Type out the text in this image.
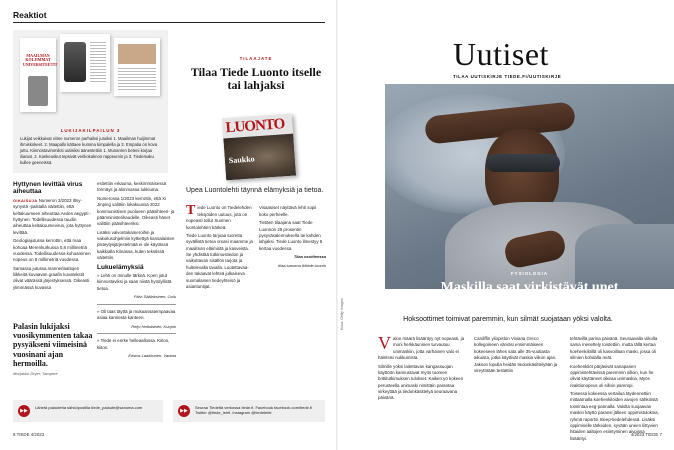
Reaktiot
MAAILMAN KOLJIMMAT UNIVERSITEETIT
LUKIJAKILPAILUN 3
Lukijat veikkaivat viime numeron parhaiksi jutuiksi 1. Maailman huijimmat ihmiskokeet. 2. Maapallo kättaee kumma kimpalella ja 3. Empatia on kova juttu. Kiinnostavimmiksi uutisiksi äänestettiin 1. Munanren beteni korjaa ilianiat. 2. Kankeuskut tepsivät verikokaknon rappeumin ja 3. Tiedemaku kullee geeneissä.
Hyttynen levittää virus aiheuttaa

OIKAISUJA Numeron 3/2023 Iltsy-synystä -palstalla väitettiin, että keltakuumeen aiheuttaa Aedes aegypti -hyttynen. Todellisuudessa taudin aiheuttaa keltakuumevirus, jota hyttynen levittää.

Geologiajutussa kerrottin, että maa kohoaa Merenkurkussa 0,8 millimetriä vuodessa. Todellisuudessa kohoaminen nopeus on 8 millimetriä vuodessa.

Samassa jutussa mannerlaattojen liikkeitä kuvaavan graafin kuvatekstit olivat väärässä järjestyksessä. Oikeasti ylimmässä kuvassa

Palasin lukijaksi vuosikymmenten takaa pysyäkseni viimeisinä vuosinani ajan hermoilla.
Morjakko Dryer, Tampere

esitettiin erkauma, keskimmäisessä törmäys ja alimmassa lukkiuma.

Numerossa 1/2023 kerrottin, että Xi Jinping valittiin lokakuussa 2022 kommunistisen puolueen pääsihteeri- ja päämninisterikaudelle. Oikeasti hänet valittiin pääsihteeriksi.

Lisäksi valvontakameroihin ja vakoilusohjelmiin kytkettyä kansalaisten pisteytysjärjestelmää ei ole käytössä kaikkialla Kiinassa, kuten tekstissä väitettiin.

Lukuelämyksiä

» Lehti on minulle tärkeä. Koen jutut kiinnostaviksi ja saan niistä hyödyllistä tietoa.

Päivi Säälaksinen, Oulu

» Oli taas täyttä ja mukaansatempaavaa asiaa kannesta kanteen.

Reijo Heilalainen, Kuopio

» Tiede ei enrke helleaallossa. Kiitos, kiitos.

Enstos Laakkonen, Vantaa
TILAAJATE
Tilaa Tiede Luonto itselle tai lahjaksi
LUONTO
Saukko
Upea Luontolehti täynnä elämyksiä ja tietoa.

Tiede Luonto on Tiedelehden teksjöiden uutuus, jota on nopeasti tullut Suomen luontolehtien kärkeä.

Tiede Luonto tarjoaa tuoretta syvällistä tietoa omasi maamme ja maailman eläimistä ja kasveista. Se yhdistää tutkimustiedon ja vaikuttavan sisällön tarjota ja hultelevalla tavalla. Luotettavaa- den takaavat lehteä julkaiseva suomalainen tiedeyhteisö ja asiantuntijat.

Visaasiset näyttävä lehti sopii koko perheelle.

Tietäen tilaajana saat Tiede Luonnon 25 prosentin pysyväsalennuksella tai kahden lahjaksi. Tiede Luonto ilmestyy 8 kertaa vuodessa.

Tilaa osoitteessa
tilaa.sanoma.fi/tiede-luonto
▶▶
Lähetä palautetta sähköpostilla tiede_palaute@sanoma.com
▶▶
Seuraa Tiedettä verkossa tiede.fi. Facebook facebook.com/tiede.fi Twitter @tiede_lehti. Instagram @tiedelehti
8 TIEDE 4/2023
Uutiset
TILAA UUTISKIRJE TIEDE.FI/UUTISKIRJE
Kuva: Getty Images
FYSIOLOGIA
Maskilla saat virkistävät unet
Hoksoottimet toimivat paremmin, kun silmät suojataan yöksi valolta.

Valon määrä lisääntyy nyt nopeasti, ja moni herkkäuninen turvautuu unimaskiin, jotta varhainen valo ei häiritsisi nukkumista.

Silmille yöksi laitettavan kangassuojan käyttöön kannustavat myös tuoreen brittitutkimuksen tulokset. Kaiken yö kokeen perusteella unimaski nimittäin parantaa virkeyttää ja tiedonkäsittelyä seuraavana päivänä.

Cardiffin yliopiston Viviana Greco kollegoineen värväsi ensimmäiseen kokeeseen lähes sata alle 35-vuotiasta aikuista, jotka käyttivät maskia viikon ajan. Jakson lopulla heidän tiedonkäsittelyään ja vireyttöään testattiin

tehtävillä parina päivänä. Seuraavalla viikolla sama menettely toistettiin, mutta tällä kertaa koehenkilöillä oli kasvoillaan maski, jossa oli silmien kohdalla reiät.

Koehenkilöt pärjäsivät sanaparien oppimistehtävissä paremmin silloin, kun he olivat käyttäneet oikeaa unimaskia. Myös reaktionopeus oli silloin parempi.

Toisessa kokeessa vertailua täydennettiin mittaamalla koehenkilöiden aivojen sähköistä toimintaa eeg-pannalla. Valolta suojaavan maskin käyttö paransi jälleen oppimistuloksia, ryhmä raportoi Sleep-tiedelehdessä. Lisäksi oppimiselle tärkeiden, syvään uneen liittyvien hitaiden aaltojen esiintyminen aivoissa lisääntyi.

4/2023 TIEDE 7
